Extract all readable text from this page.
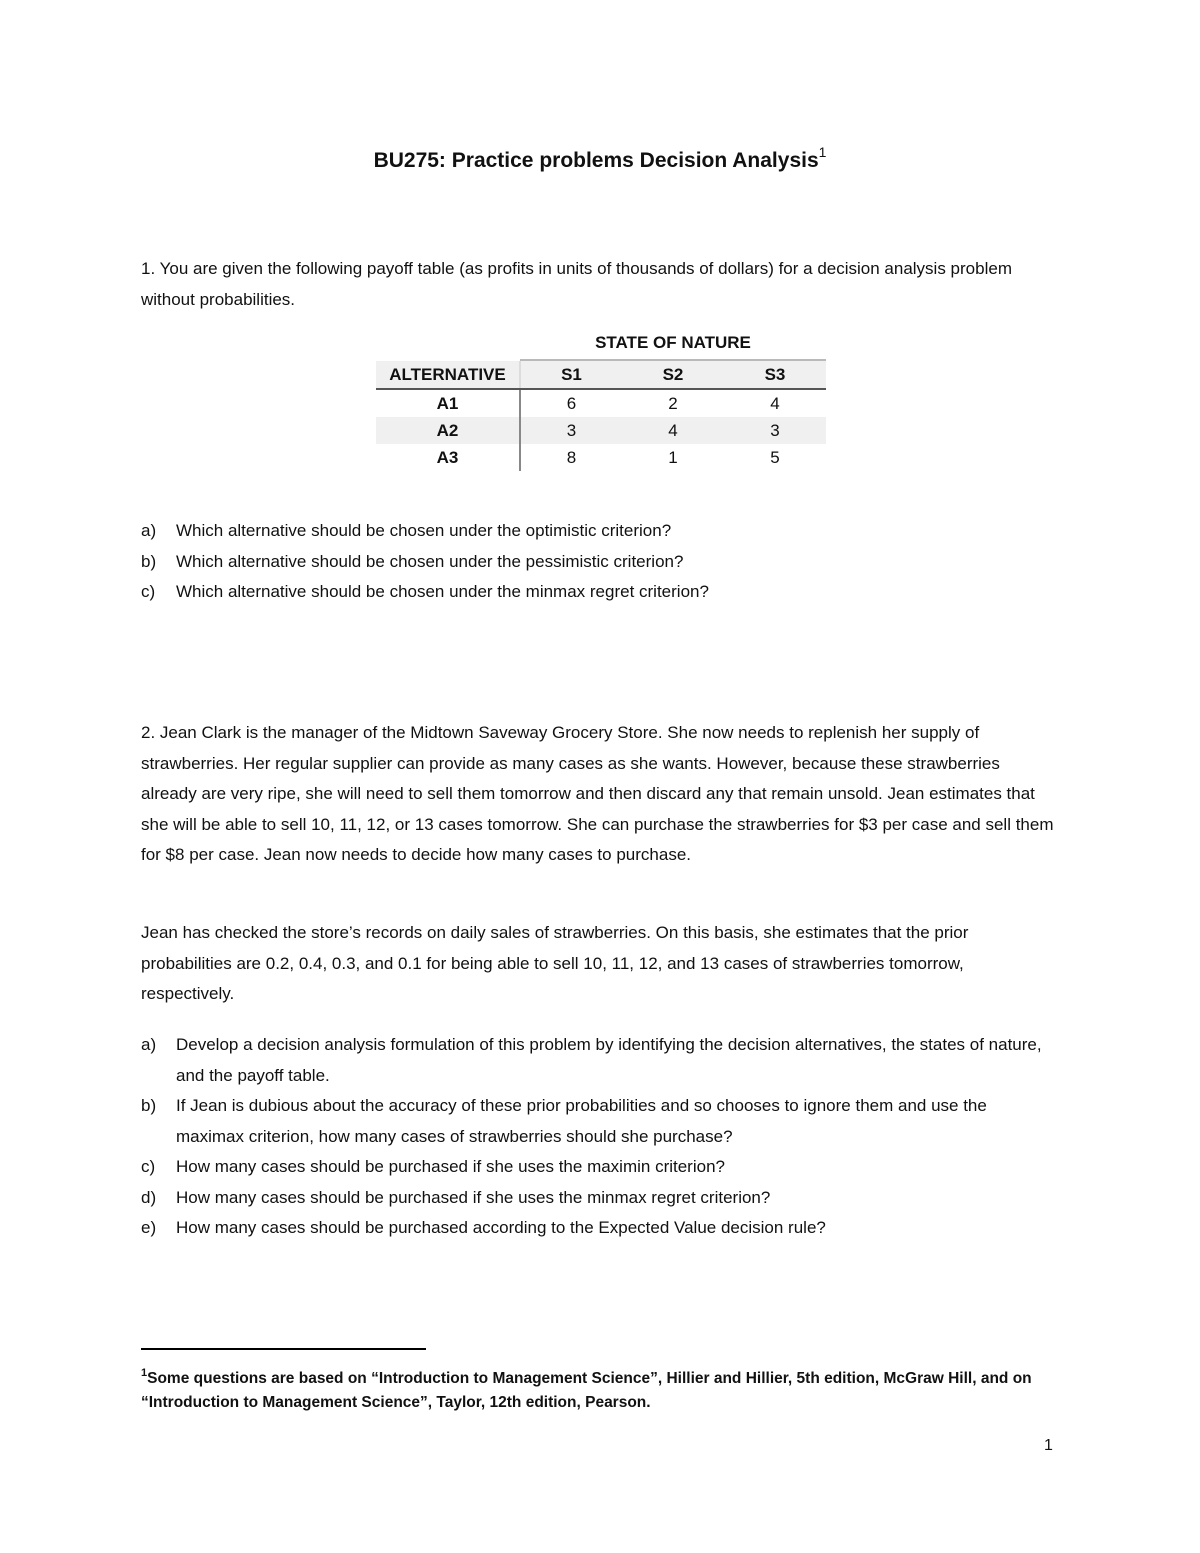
BU275: Practice problems Decision Analysis$^1$
1. You are given the following payoff table (as profits in units of thousands of dollars) for a decision analysis problem without probabilities.
STATE OF NATURE
ALTERNATIVE	S1	S2	S3
A1	6	2	4
A2	3	4	3
A3	8	1	5
a) Which alternative should be chosen under the optimistic criterion?
b) Which alternative should be chosen under the pessimistic criterion?
c) Which alternative should be chosen under the minmax regret criterion?
2. Jean Clark is the manager of the Midtown Saveway Grocery Store. She now needs to replenish her supply of strawberries. Her regular supplier can provide as many cases as she wants. However, because these strawberries already are very ripe, she will need to sell them tomorrow and then discard any that remain unsold. Jean estimates that she will be able to sell 10, 11, 12, or 13 cases tomorrow. She can purchase the strawberries for $3 per case and sell them for $8 per case. Jean now needs to decide how many cases to purchase.
Jean has checked the store’s records on daily sales of strawberries. On this basis, she estimates that the prior probabilities are 0.2, 0.4, 0.3, and 0.1 for being able to sell 10, 11, 12, and 13 cases of strawberries tomorrow, respectively.
a) Develop a decision analysis formulation of this problem by identifying the decision alternatives, the states of nature, and the payoff table.
b) If Jean is dubious about the accuracy of these prior probabilities and so chooses to ignore them and use the maximax criterion, how many cases of strawberries should she purchase?
c) How many cases should be purchased if she uses the maximin criterion?
d) How many cases should be purchased if she uses the minmax regret criterion?
e) How many cases should be purchased according to the Expected Value decision rule?
$^1$Some questions are based on “Introduction to Management Science”, Hillier and Hillier, 5th edition, McGraw Hill, and on “Introduction to Management Science”, Taylor, 12th edition, Pearson.
1
